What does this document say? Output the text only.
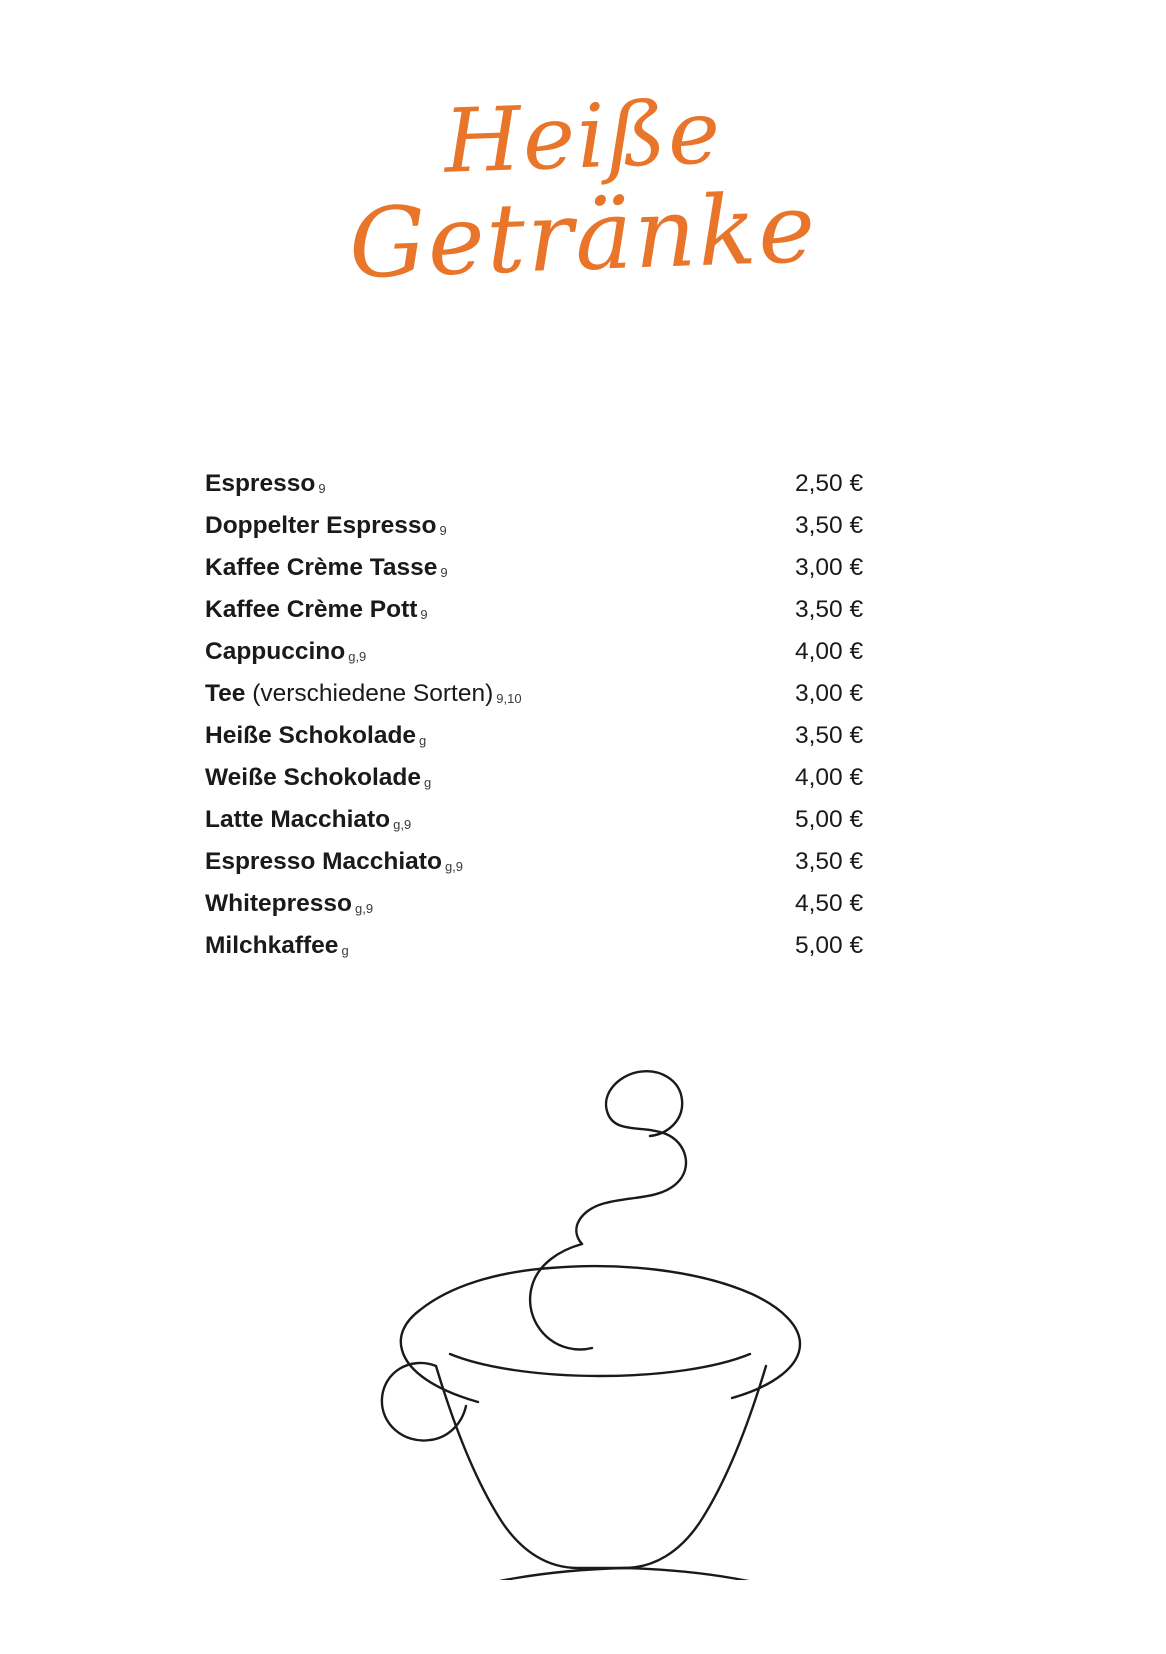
Heiße
Getränke
Espresso 9	2,50 €
Doppelter Espresso 9	3,50 €
Kaffee Crème Tasse 9	3,00 €
Kaffee Crème Pott 9	3,50 €
Cappuccino g,9	4,00 €
Tee (verschiedene Sorten) 9,10	3,00 €
Heiße Schokolade g	3,50 €
Weiße Schokolade g	4,00 €
Latte Macchiato g,9	5,00 €
Espresso Macchiato g,9	3,50 €
Whitepresso g,9	4,50 €
Milchkaffee g	5,00 €
